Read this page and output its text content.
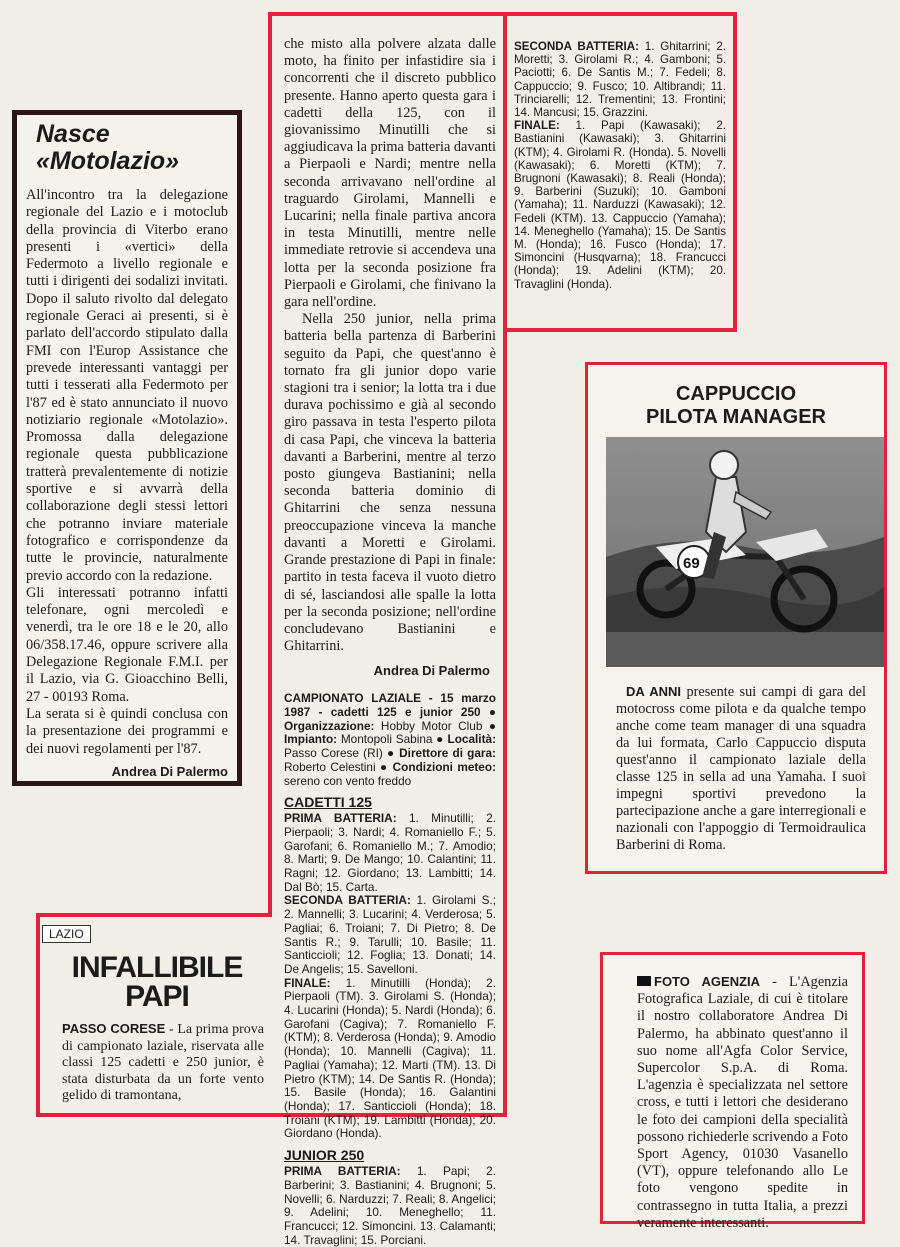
Nasce
«Motolazio»

All'incontro tra la delegazione regionale del Lazio e i motoclub della provincia di Viterbo erano presenti i «vertici» della Federmoto a livello regionale e tutti i dirigenti dei sodalizi invitati. Dopo il saluto rivolto dal delegato regionale Geraci ai presenti, si è parlato dell'accordo stipulato dalla FMI con l'Europ Assistance che prevede interessanti vantaggi per tutti i tesserati alla Federmoto per l'87 ed è stato annunciato il nuovo notiziario regionale «Motolazio». Promossa dalla delegazione regionale questa pubblicazione tratterà prevalentemente di notizie sportive e si avvarrà della collaborazione degli stessi lettori che potranno inviare materiale fotografico e corrispondenze da tutte le provincie, naturalmente previo accordo con la redazione.

Gli interessati potranno infatti telefonare, ogni mercoledì e venerdì, tra le ore 18 e le 20, allo 06/358.17.46, oppure scrivere alla Delegazione Regionale F.M.I. per il Lazio, via G. Gioacchino Belli, 27 - 00193 Roma.

La serata si è quindi conclusa con la presentazione dei programmi e dei nuovi regolamenti per l'87.

Andrea Di Palermo

che misto alla polvere alzata dalle moto, ha finito per infastidire sia i concorrenti che il discreto pubblico presente. Hanno aperto questa gara i cadetti della 125, con il giovanissimo Minutilli che si aggiudicava la prima batteria davanti a Pierpaoli e Nardi; mentre nella seconda arrivavano nell'ordine al traguardo Girolami, Mannelli e Lucarini; nella finale partiva ancora in testa Minutilli, mentre nelle immediate retrovie si accendeva una lotta per la seconda posizione fra Pierpaoli e Girolami, che finivano la gara nell'ordine.

Nella 250 junior, nella prima batteria bella partenza di Barberini seguito da Papi, che quest'anno è tornato fra gli junior dopo varie stagioni tra i senior; la lotta tra i due durava pochissimo e già al secondo giro passava in testa l'esperto pilota di casa Papi, che vinceva la batteria davanti a Barberini, mentre al terzo posto giungeva Bastianini; nella seconda batteria dominio di Ghitarrini che senza nessuna preoccupazione vinceva la manche davanti a Moretti e Girolami. Grande prestazione di Papi in finale: partito in testa faceva il vuoto dietro di sé, lasciandosi alle spalle la lotta per la seconda posizione; nell'ordine concludevano Bastianini e Ghitarrini.

Andrea Di Palermo
CAMPIONATO LAZIALE - 15 marzo 1987 - cadetti 125 e junior 250 ● Organizzazione: Hobby Motor Club ● Impianto: Montopoli Sabina ● Località: Passo Corese (RI) ● Direttore di gara: Roberto Celestini ● Condizioni meteo: sereno con vento freddo
CADETTI 125

PRIMA BATTERIA: 1. Minutilli; 2. Pierpaoli; 3. Nardi; 4. Romaniello F.; 5. Garofani; 6. Romaniello M.; 7. Amodio; 8. Marti; 9. De Mango; 10. Calantini; 11. Ragni; 12. Giordano; 13. Lambitti; 14. Dal Bò; 15. Carta.

SECONDA BATTERIA: 1. Girolami S.; 2. Mannelli; 3. Lucarini; 4. Verderosa; 5. Pagliai; 6. Troiani; 7. Di Pietro; 8. De Santis R.; 9. Tarulli; 10. Basile; 11. Santiccioli; 12. Foglia; 13. Donati; 14. De Angelis; 15. Savelloni.

FINALE: 1. Minutilli (Honda); 2. Pierpaoli (TM). 3. Girolami S. (Honda); 4. Lucarini (Honda); 5. Nardi (Honda); 6. Garofani (Cagiva); 7. Romaniello F. (KTM); 8. Verderosa (Honda); 9. Amodio (Honda); 10. Mannelli (Cagiva); 11. Pagliai (Yamaha); 12. Marti (TM). 13. Di Pietro (KTM); 14. De Santis R. (Honda); 15. Basile (Honda); 16. Galantini (Honda); 17. Santiccioli (Honda); 18. Troiani (KTM); 19. Lambitti (Honda); 20. Giordano (Honda).

JUNIOR 250

PRIMA BATTERIA: 1. Papi; 2. Barberini; 3. Bastianini; 4. Brugnoni; 5. Novelli; 6. Narduzzi; 7. Reali; 8. Angelici; 9. Adelini; 10. Meneghello; 11. Francucci; 12. Simoncini. 13. Calamanti; 14. Travaglini; 15. Porciani.

SECONDA BATTERIA: 1. Ghitarrini; 2. Moretti; 3. Girolami R.; 4. Gamboni; 5. Paciotti; 6. De Santis M.; 7. Fedeli; 8. Cappuccio; 9. Fusco; 10. Altibrandi; 11. Trinciarelli; 12. Trementini; 13. Frontini; 14. Mancusi; 15. Grazzini.

FINALE: 1. Papi (Kawasaki); 2. Bastianini (Kawasaki); 3. Ghitarrini (KTM); 4. Girolami R. (Honda). 5. Novelli (Kawasaki); 6. Moretti (KTM); 7. Brugnoni (Kawasaki); 8. Reali (Honda); 9. Barberini (Suzuki); 10. Gamboni (Yamaha); 11. Narduzzi (Kawasaki); 12. Fedeli (KTM). 13. Cappuccio (Yamaha); 14. Meneghello (Yamaha); 15. De Santis M. (Honda); 16. Fusco (Honda); 17. Simoncini (Husqvarna); 18. Francucci (Honda); 19. Adelini (KTM); 20. Travaglini (Honda).

LAZIO
INFALLIBILE
PAPI
PASSO CORESE - La prima prova di campionato laziale, riservata alle classi 125 cadetti e 250 junior, è stata disturbata da un forte vento gelido di tramontana,
CAPPUCCIO
PILOTA MANAGER
69
DA ANNI presente sui campi di gara del motocross come pilota e da qualche tempo anche come team manager di una squadra da lui formata, Carlo Cappuccio disputa quest'anno il campionato laziale della classe 125 in sella ad una Yamaha. I suoi impegni sportivi prevedono la partecipazione anche a gare interregionali e nazionali con l'appoggio di Termoidraulica Barberini di Roma.
FOTO AGENZIA - L'Agenzia Fotografica Laziale, di cui è titolare il nostro collaboratore Andrea Di Palermo, ha abbinato quest'anno il suo nome all'Agfa Color Service, Supercolor S.p.A. di Roma. L'agenzia è specializzata nel settore cross, e tutti i lettori che desiderano le foto dei campioni della specialità possono richiederle scrivendo a Foto Sport Agency, 01030 Vasanello (VT), oppure telefonando allo Le foto vengono spedite in contrassegno in tutta Italia, a prezzi veramente interessanti.
